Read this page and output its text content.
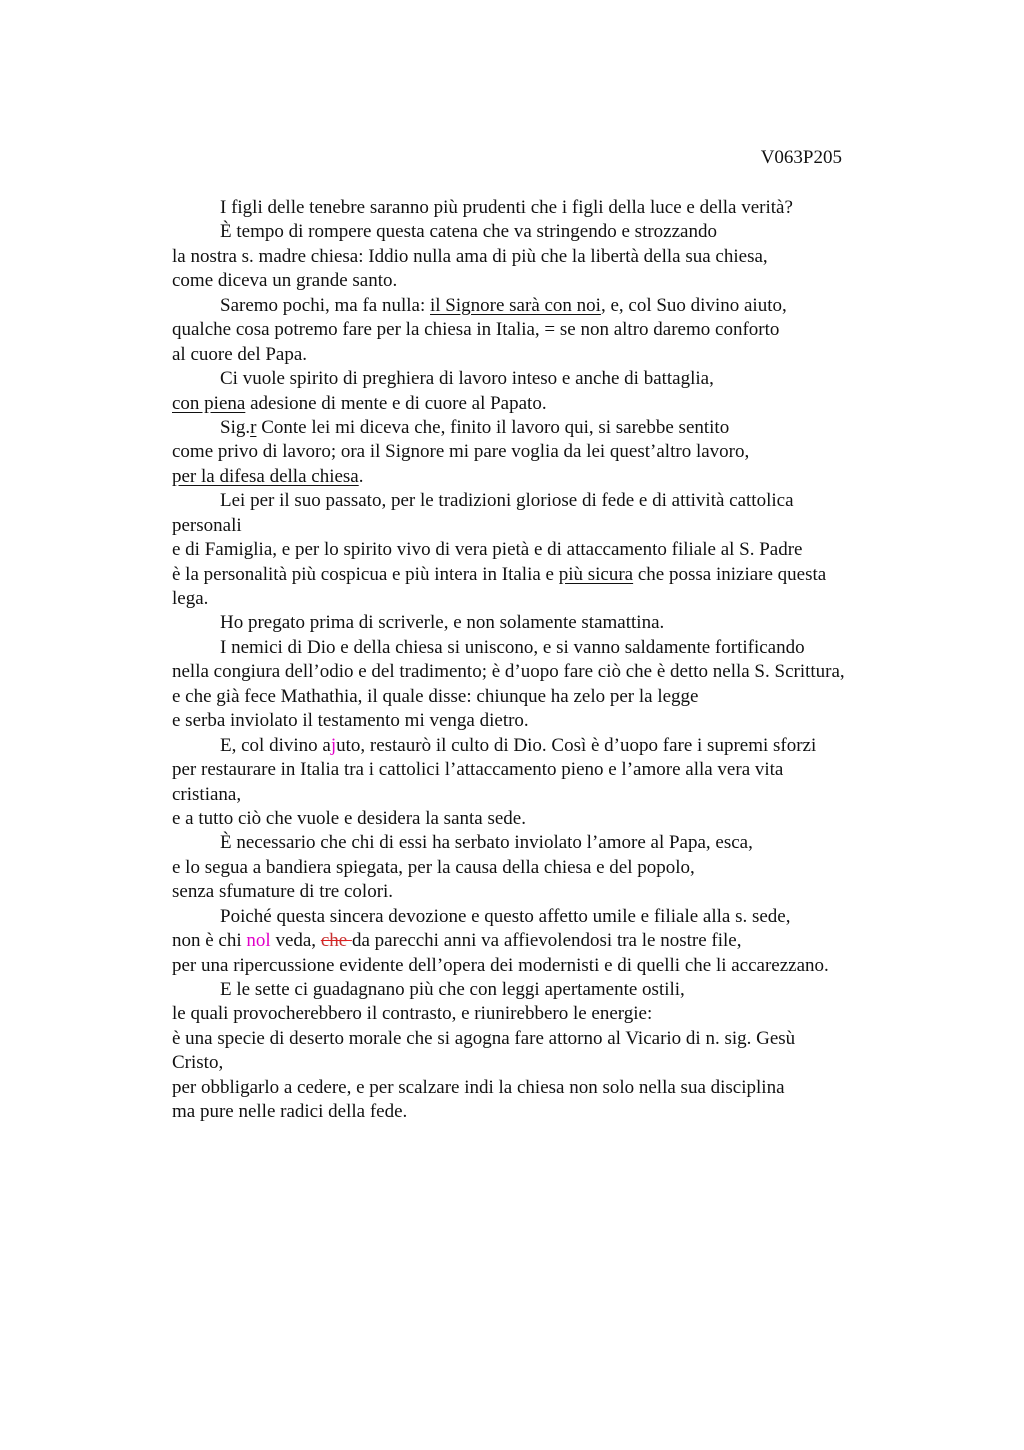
V063P205
I figli delle tenebre saranno più prudenti che i figli della luce e della verità?
È tempo di rompere questa catena che va stringendo e strozzando
la nostra s. madre chiesa: Iddio nulla ama di più che la libertà della sua chiesa,
come diceva un grande santo.
Saremo pochi, ma fa nulla: il Signore sarà con noi, e, col Suo divino aiuto,
qualche cosa potremo fare per la chiesa in Italia, = se non altro daremo conforto
al cuore del Papa.
Ci vuole spirito di preghiera di lavoro inteso e anche di battaglia,
con piena adesione di mente e di cuore al Papato.
Sig.r Conte lei mi diceva che, finito il lavoro qui, si sarebbe sentito
come privo di lavoro; ora il Signore mi pare voglia da lei quest’altro lavoro,
per la difesa della chiesa.
Lei per il suo passato, per le tradizioni gloriose di fede e di attività cattolica
personali
e di Famiglia, e per lo spirito vivo di vera pietà e di attaccamento filiale al S. Padre
è la personalità più cospicua e più intera in Italia e più sicura che possa iniziare questa
lega.
Ho pregato prima di scriverle, e non solamente stamattina.
I nemici di Dio e della chiesa si uniscono, e si vanno saldamente fortificando
nella congiura dell’odio e del tradimento; è d’uopo fare ciò che è detto nella S. Scrittura,
e che già fece Mathathia, il quale disse: chiunque ha zelo per la legge
e serba inviolato il testamento mi venga dietro.
E, col divino ajuto, restaurò il culto di Dio. Così è d’uopo fare i supremi sforzi
per restaurare in Italia tra i cattolici l’attaccamento pieno e l’amore alla vera vita
cristiana,
e a tutto ciò che vuole e desidera la santa sede.
È necessario che chi di essi ha serbato inviolato l’amore al Papa, esca,
e lo segua a bandiera spiegata, per la causa della chiesa e del popolo,
senza sfumature di tre colori.
Poiché questa sincera devozione e questo affetto umile e filiale alla s. sede,
non è chi nol veda, che da parecchi anni va affievolendosi tra le nostre file,
per una ripercussione evidente dell’opera dei modernisti e di quelli che li accarezzano.
E le sette ci guadagnano più che con leggi apertamente ostili,
le quali provocherebbero il contrasto, e riunirebbero le energie:
è una specie di deserto morale che si agogna fare attorno al Vicario di n. sig. Gesù
Cristo,
per obbligarlo a cedere, e per scalzare indi la chiesa non solo nella sua disciplina
ma pure nelle radici della fede.
